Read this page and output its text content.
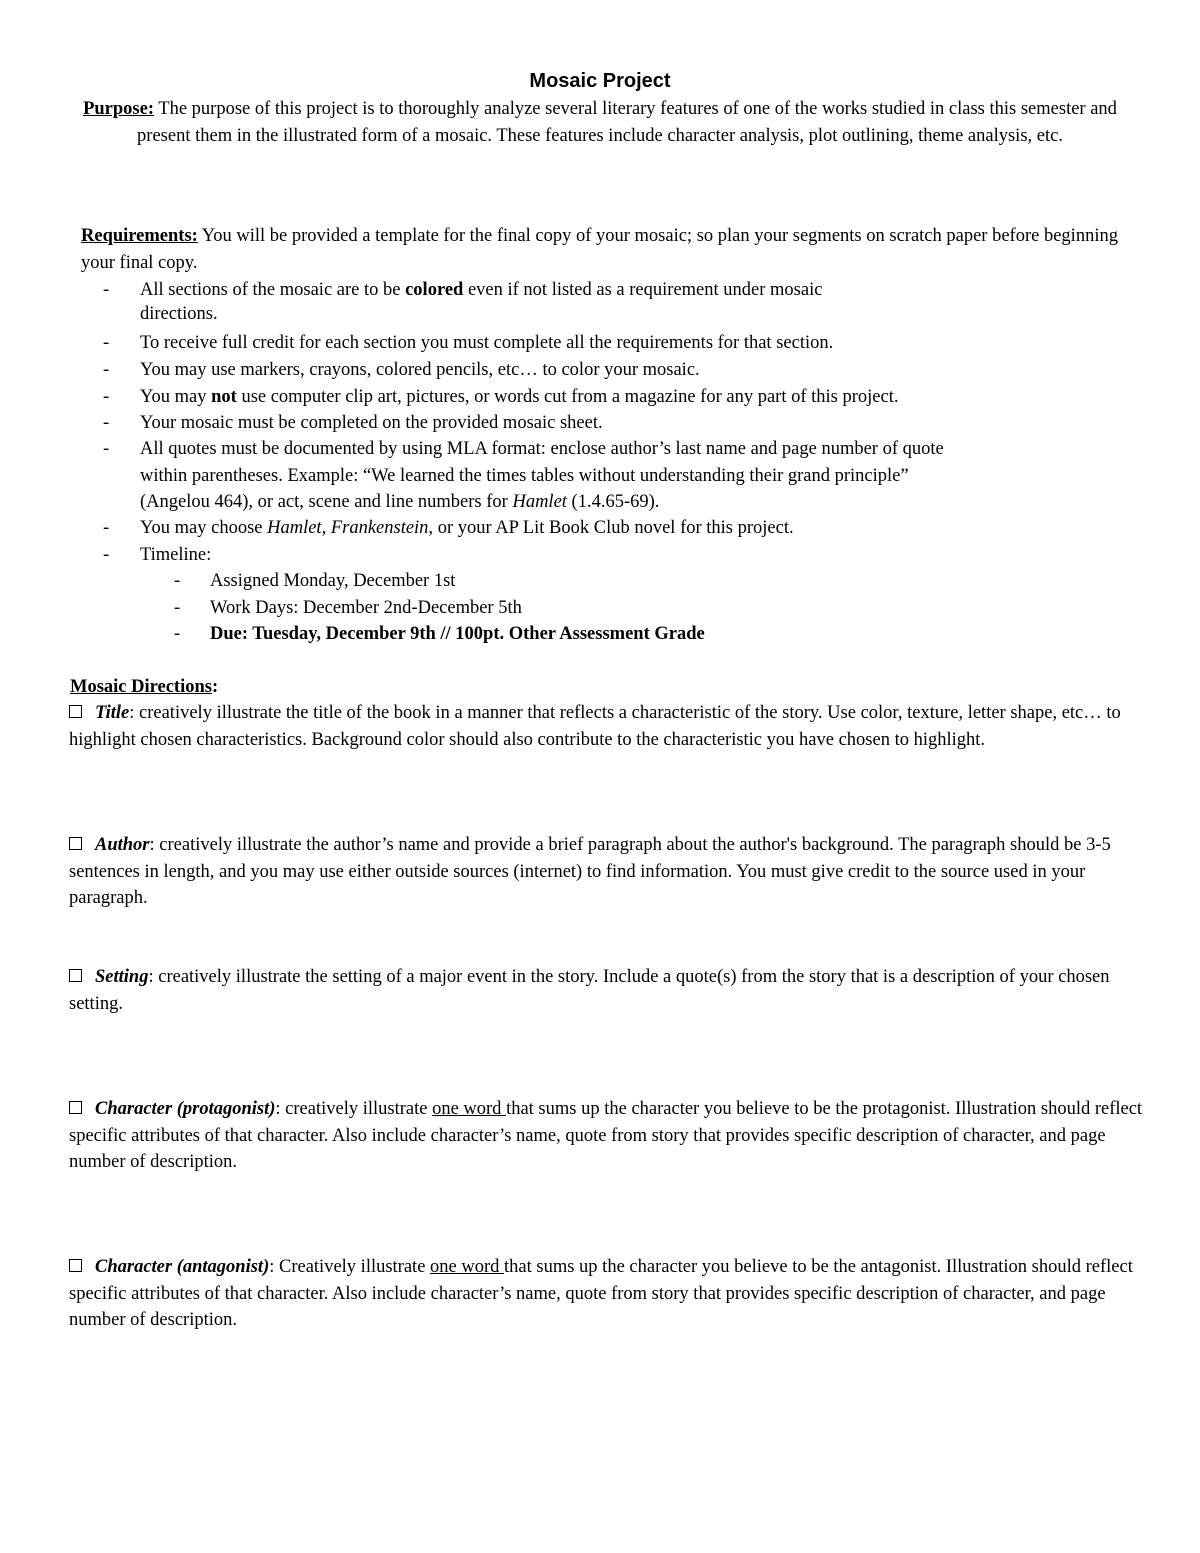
Mosaic Project
Purpose: The purpose of this project is to thoroughly analyze several literary features of one of the works studied in class this semester and present them in the illustrated form of a mosaic. These features include character analysis, plot outlining, theme analysis, etc.
Requirements: You will be provided a template for the final copy of your mosaic; so plan your segments on scratch paper before beginning your final copy.
- All sections of the mosaic are to be colored even if not listed as a requirement under mosaic
directions.
- To receive full credit for each section you must complete all the requirements for that section.
- You may use markers, crayons, colored pencils, etc… to color your mosaic.
- You may not use computer clip art, pictures, or words cut from a magazine for any part of this project.
- Your mosaic must be completed on the provided mosaic sheet.
- All quotes must be documented by using MLA format: enclose author’s last name and page number of quote
within parentheses. Example: “We learned the times tables without understanding their grand principle”
(Angelou 464), or act, scene and line numbers for Hamlet (1.4.65-69).
- You may choose Hamlet, Frankenstein, or your AP Lit Book Club novel for this project.
- Timeline:
- Assigned Monday, December 1st
- Work Days: December 2nd-December 5th
- Due: Tuesday, December 9th // 100pt. Other Assessment Grade
Mosaic Directions:
Title: creatively illustrate the title of the book in a manner that reflects a characteristic of the story. Use color, texture, letter shape, etc… to highlight chosen characteristics. Background color should also contribute to the characteristic you have chosen to highlight.
Author: creatively illustrate the author’s name and provide a brief paragraph about the author's background. The paragraph should be 3-5 sentences in length, and you may use either outside sources (internet) to find information. You must give credit to the source used in your paragraph.
Setting: creatively illustrate the setting of a major event in the story. Include a quote(s) from the story that is a description of your chosen setting.
Character (protagonist): creatively illustrate one word that sums up the character you believe to be the protagonist. Illustration should reflect specific attributes of that character. Also include character’s name, quote from story that provides specific description of character, and page number of description.
Character (antagonist): Creatively illustrate one word that sums up the character you believe to be the antagonist. Illustration should reflect specific attributes of that character. Also include character’s name, quote from story that provides specific description of character, and page number of description.
